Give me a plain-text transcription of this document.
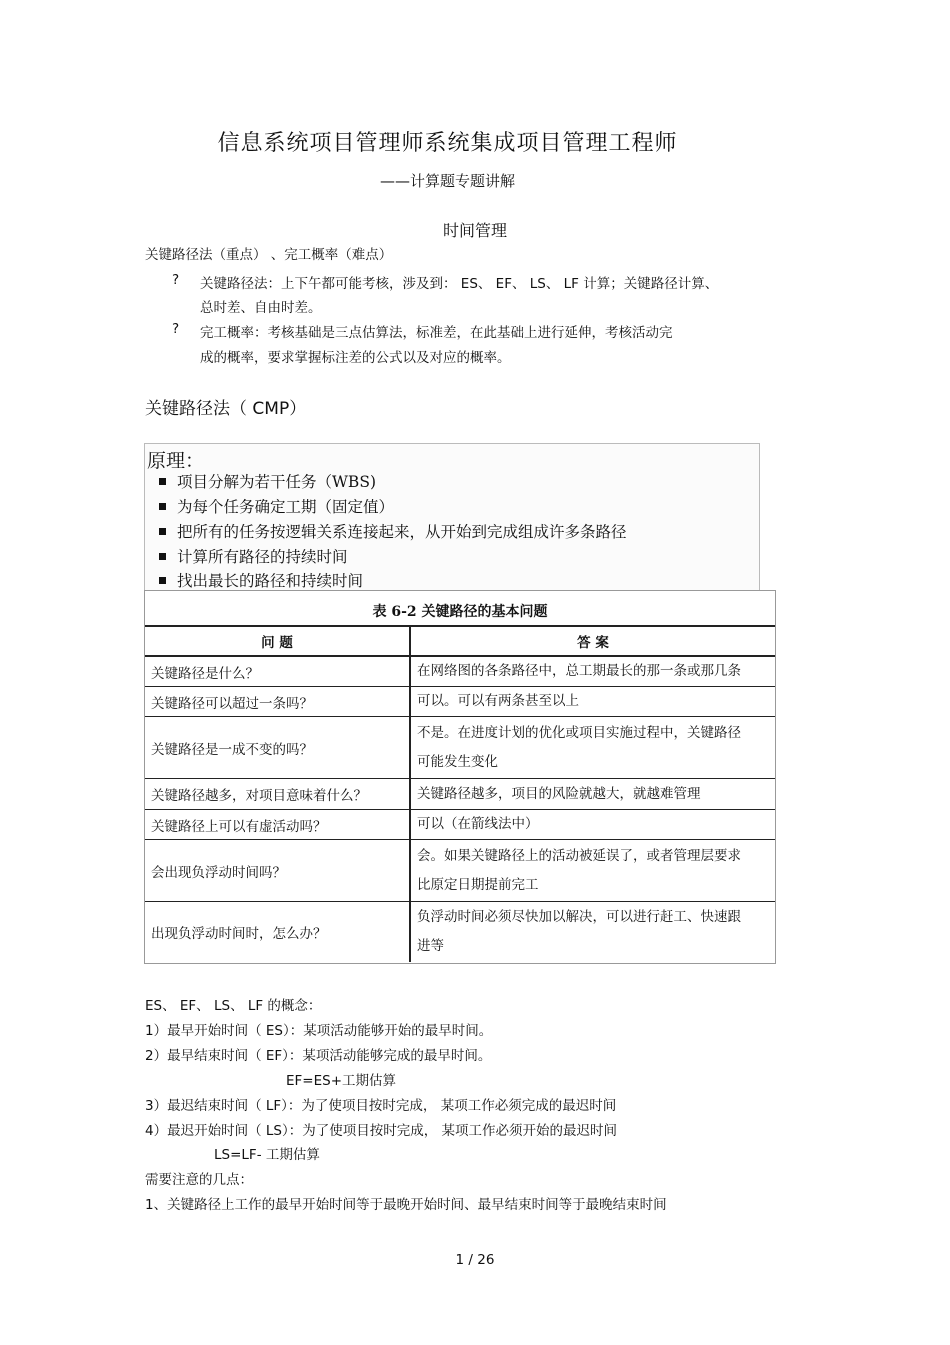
信息系统项目管理师系统集成项目管理工程师
——计算题专题讲解
时间管理
关键路径法（重点） 、完工概率（难点）
? 关键路径法：上下午都可能考核，涉及到： ES、 EF、 LS、 LF 计算；关键路径计算、
总时差、自由时差。
? 完工概率：考核基础是三点估算法，标准差，在此基础上进行延伸，考核活动完
成的概率，要求掌握标注差的公式以及对应的概率。
关键路径法（ CMP）
原理：
项目分解为若干任务（WBS)
为每个任务确定工期（固定值）
把所有的任务按逻辑关系连接起来，从开始到完成组成许多条路径
计算所有路径的持续时间
找出最长的路径和持续时间
表 6-2 关键路径的基本问题
问 题	答 案
关键路径是什么？	在网络图的各条路径中，总工期最长的那一条或那几条

关键路径可以超过一条吗？	可以。可以有两条甚至以上

关键路径是一成不变的吗？	不是。在进度计划的优化或项目实施过程中，关键路径
可能发生变化

关键路径越多，对项目意味着什么？	关键路径越多，项目的风险就越大，就越难管理

关键路径上可以有虚活动吗？	可以（在箭线法中）

会出现负浮动时间吗？	会。如果关键路径上的活动被延误了，或者管理层要求
比原定日期提前完工

出现负浮动时间时，怎么办？	负浮动时间必须尽快加以解决，可以进行赶工、快速跟
进等
ES、 EF、 LS、 LF 的概念：
1）最早开始时间（ ES）：某项活动能够开始的最早时间。
2）最早结束时间（ EF）：某项活动能够完成的最早时间。
EF=ES+工期估算
3）最迟结束时间（ LF）：为了使项目按时完成， 某项工作必须完成的最迟时间
4）最迟开始时间（ LS）：为了使项目按时完成， 某项工作必须开始的最迟时间
LS=LF- 工期估算
需要注意的几点：
1、关键路径上工作的最早开始时间等于最晚开始时间、最早结束时间等于最晚结束时间
1 / 26
